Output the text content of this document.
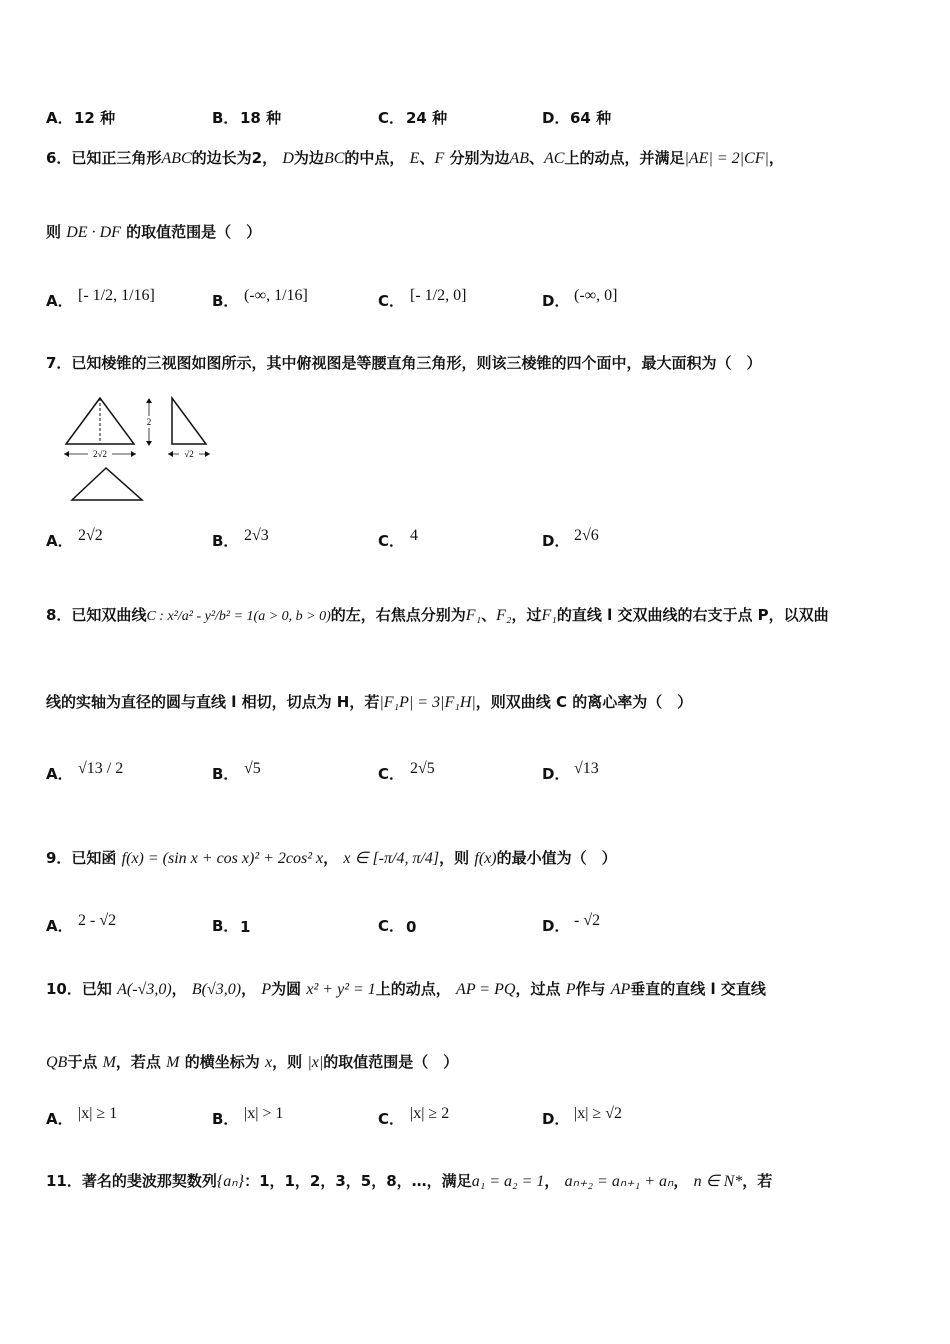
A． 12 种	B． 18 种	C． 24 种	D． 64 种
6．已知正三角形ABC的边长为2， D为边BC的中点， E、F 分别为边AB、AC上的动点，并满足|AE| = 2|CF|，
则 DE · DF 的取值范围是（　）
A． [- 1/2, 1/16]	B． (-∞, 1/16]	C． [- 1/2, 0]	D． (-∞, 0]
7．已知棱锥的三视图如图所示，其中俯视图是等腰直角三角形，则该三棱锥的四个面中，最大面积为（　）
2√2
2
√2
A． 2√2	B． 2√3	C． 4	D． 2√6
8．已知双曲线C : x²/a² - y²/b² = 1(a > 0, b > 0)的左，右焦点分别为F₁、F₂，过F₁的直线 l 交双曲线的右支于点 P，以双曲
线的实轴为直径的圆与直线 l 相切，切点为 H，若|F₁P| = 3|F₁H|，则双曲线 C 的离心率为（　）
A． √13 / 2	B． √5	C． 2√5	D． √13
9．已知函 f(x) = (sin x + cos x)² + 2cos² x， x ∈ [-π/4, π/4]，则 f(x)的最小值为（　）
A． 2 - √2	B． 1	C． 0	D． - √2
10．已知 A(-√3,0)， B(√3,0)， P为圆 x² + y² = 1上的动点， AP = PQ，过点 P作与 AP垂直的直线 l 交直线
QB于点 M，若点 M 的横坐标为 x，则 |x|的取值范围是（　）
A． |x| ≥ 1	B． |x| > 1	C． |x| ≥ 2	D． |x| ≥ √2
11．著名的斐波那契数列{aₙ}：1，1，2，3，5，8，…，满足a₁ = a₂ = 1， aₙ₊₂ = aₙ₊₁ + aₙ， n ∈ N*，若
